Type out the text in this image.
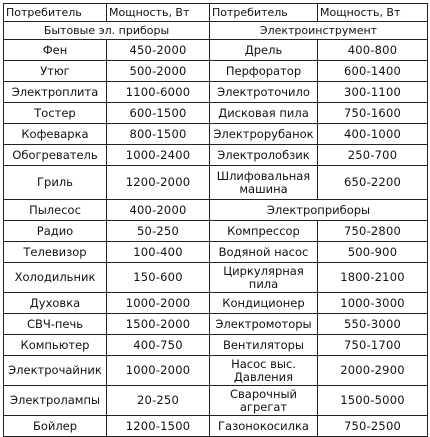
Потребитель	Мощность, Вт	Потребитель	Мощность, Вт
Бытовые эл. приборы		Электроинструмент	
Фен	450-2000	Дрель	400-800
Утюг	500-2000	Перфоратор	600-1400
Электроплита	1100-6000	Электроточило	300-1100
Тостер	600-1500	Дисковая пила	750-1600
Кофеварка	800-1500	Электрорубанок	400-1000
Обогреватель	1000-2400	Электролобзик	250-700
Гриль	1200-2000	Шлифовальная машина	650-2200
Пылесос	400-2000	Электроприборы	
Радио	50-250	Компрессор	750-2800
Телевизор	100-400	Водяной насос	500-900
Холодильник	150-600	Циркулярная пила	1800-2100
Духовка	1000-2000	Кондиционер	1000-3000
СВЧ-печь	1500-2000	Электромоторы	550-3000
Компьютер	400-750	Вентиляторы	750-1700
Электрочайник	1000-2000	Насос выс. Давления	2000-2900
Электролампы	20-250	Сварочный агрегат	1500-5000
Бойлер	1200-1500	Газонокосилка	750-2500
